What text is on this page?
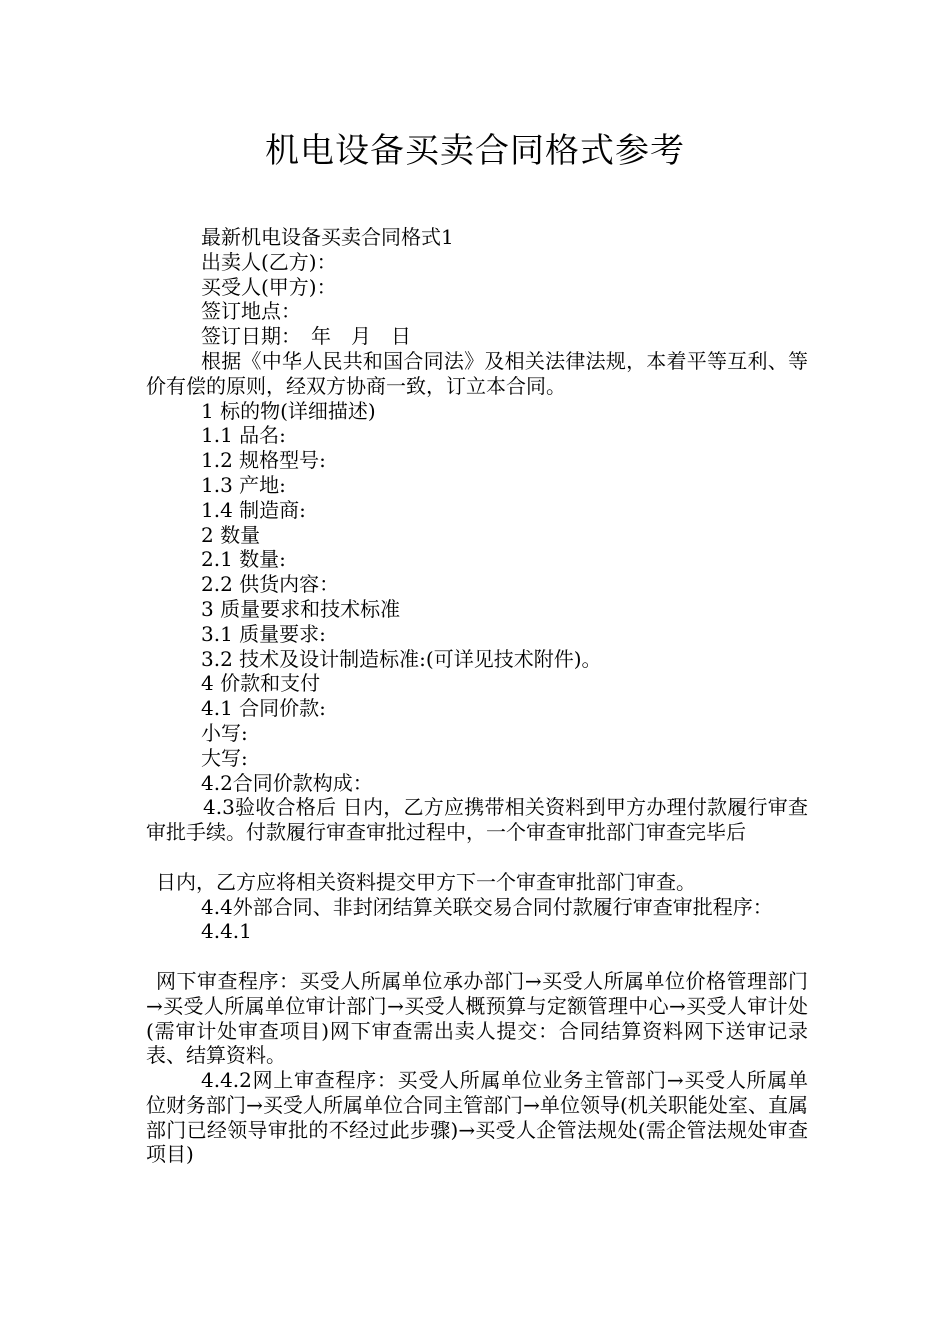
机电设备买卖合同格式参考

最新机电设备买卖合同格式1

出卖人(乙方)：

买受人(甲方)：

签订地点：

签订日期：　年　月　日

根据《中华人民共和国合同法》及相关法律法规，本着平等互利、等价有偿的原则，经双方协商一致，订立本合同。

1 标的物(详细描述)

1.1 品名:

1.2 规格型号:

1.3 产地:

1.4 制造商:

2 数量

2.1 数量:

2.2 供货内容：

3 质量要求和技术标准

3.1 质量要求:

3.2 技术及设计制造标准:(可详见技术附件)。

4 价款和支付

4.1 合同价款:

小写:

大写:

4.2合同价款构成：

4.3验收合格后 日内，乙方应携带相关资料到甲方办理付款履行审查审批手续。付款履行审查审批过程中，一个审查审批部门审查完毕后

日内，乙方应将相关资料提交甲方下一个审查审批部门审查。

4.4外部合同、非封闭结算关联交易合同付款履行审查审批程序：

4.4.1

网下审查程序：买受人所属单位承办部门→买受人所属单位价格管理部门→买受人所属单位审计部门→买受人概预算与定额管理中心→买受人审计处(需审计处审查项目)网下审查需出卖人提交：合同结算资料网下送审记录表、结算资料。

4.4.2网上审查程序：买受人所属单位业务主管部门→买受人所属单位财务部门→买受人所属单位合同主管部门→单位领导(机关职能处室、直属部门已经领导审批的不经过此步骤)→买受人企管法规处(需企管法规处审查项目)
